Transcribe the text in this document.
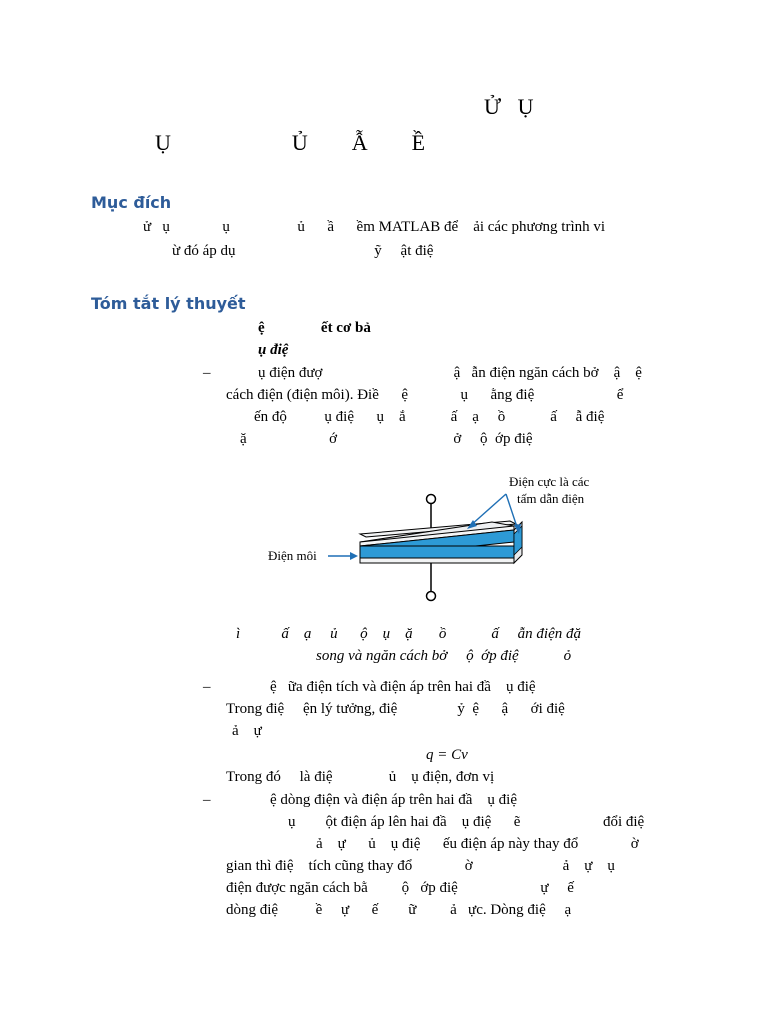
Ử   Ụ
Ụ                      Ủ        Ẫ        Ề
Mục đích
ử   ụ              ụ                  ủ      ầ      ềm MATLAB để    ải các phương trình vi
ừ đó áp dụ                                     ỹ     ật điệ
Tóm tắt lý thuyết
ệ               ết cơ bả
ụ điệ
–	ụ điện đượ                                   ậ   ẫn điện ngăn cách bở    ậ    ệ
cách điện (điện môi). Điề      ệ              ụ      ằng điệ                      ể
ến độ          ụ điệ      ụ    ắ            ấ    ạ     ồ            ấ     ẫ điệ
ặ                      ớ                               ở     ộ  ớp điệ
Điện cực là các
tấm dẫn điện
Điện môi
ì           ấ    ạ     ủ      ộ    ụ    ặ       ồ            ấ     ẫn điện đặ
song và ngăn cách bở     ộ  ớp điệ            ỏ
–	ệ   ữa điện tích và điện áp trên hai đầ    ụ điệ
Trong điệ     ện lý tưởng, điệ                ỷ  ệ      ậ      ới điệ
ả    ự
q = Cv
Trong đó     là điệ               ủ    ụ điện, đơn vị
–	ệ dòng điện và điện áp trên hai đầ    ụ điệ
ụ        ột điện áp lên hai đầ    ụ điệ      ẽ                      đổi điệ
ả    ự      ủ    ụ điệ      ếu điện áp này thay đổ              ờ
gian thì điệ    tích cũng thay đổ              ờ                        ả    ự    ụ
điện được ngăn cách bằ         ộ   ớp điệ                      ự     ế
dòng điệ          ề     ự      ế        ữ         ả   ực. Dòng điệ     ạ
